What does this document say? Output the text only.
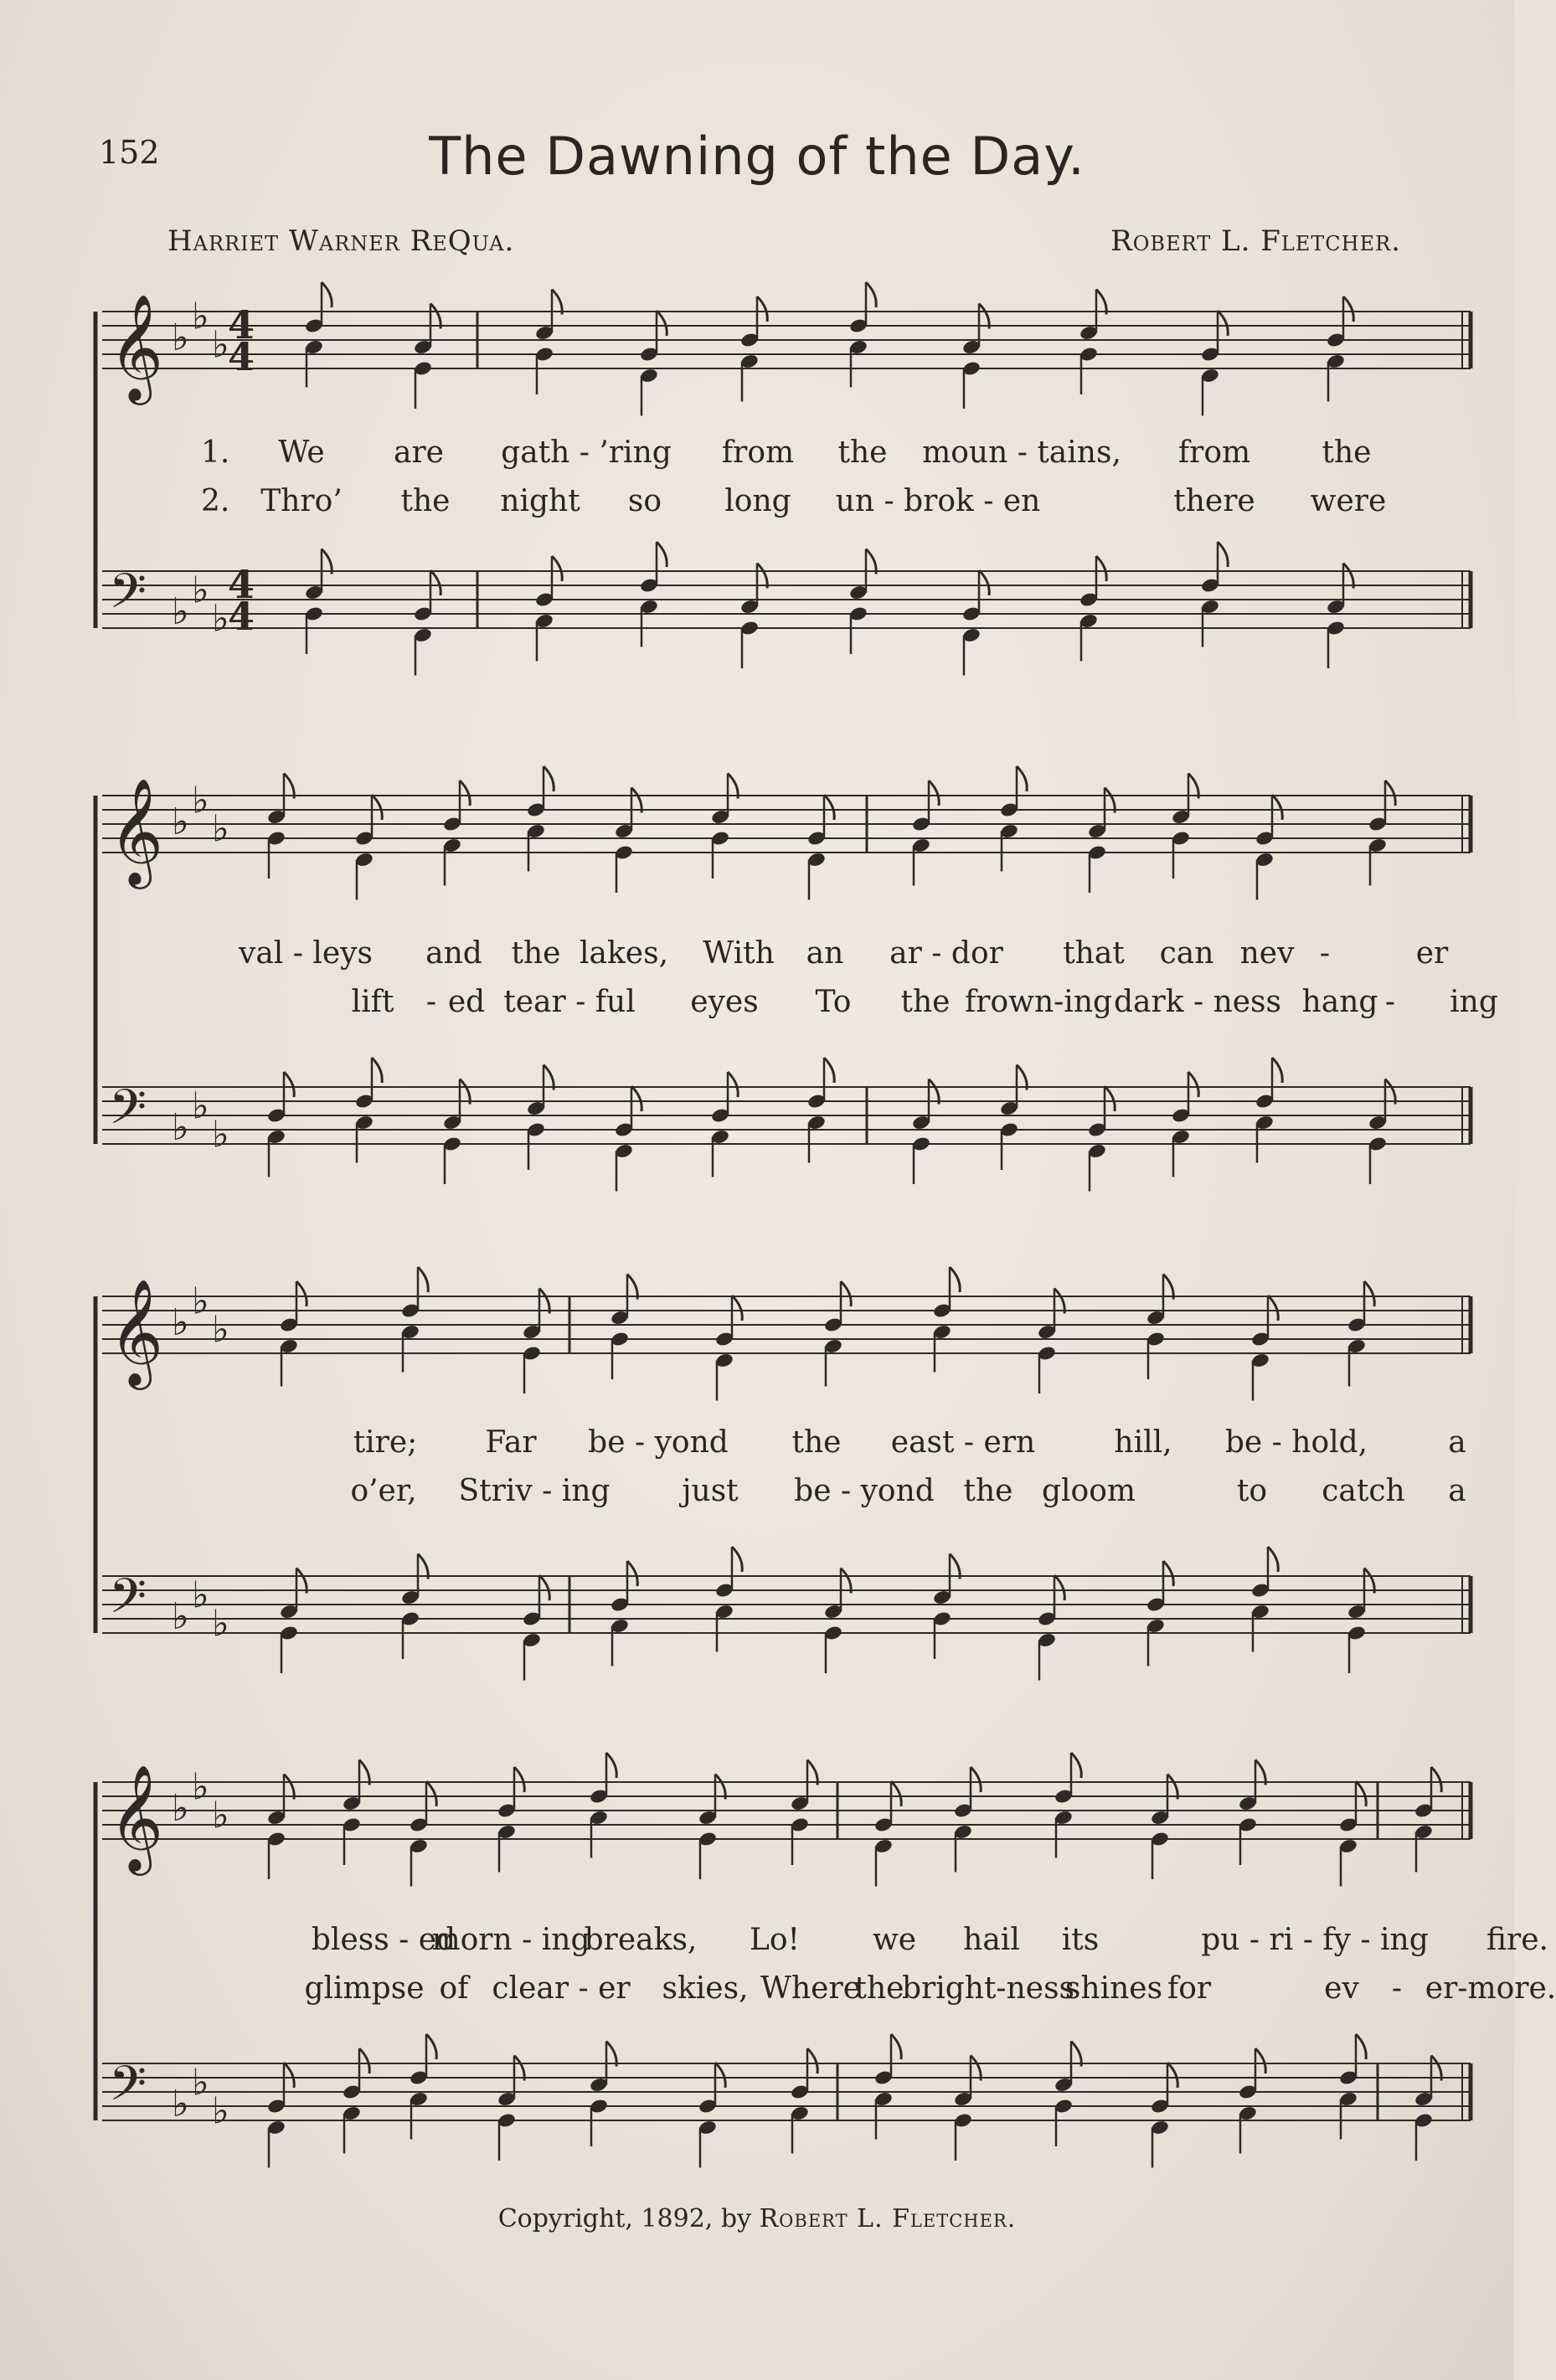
152	The Dawning of the Day.
Harriet Warner ReQua.	Robert L. Fletcher.
𝄞 ♭ ♭
♭
4
4
𝄢 ♭ ♭
♭
4
4
𝄞 ♭ ♭
♭
𝄢 ♭ ♭
♭
𝄞 ♭ ♭
♭
𝄢 ♭ ♭
♭
𝄞 ♭ ♭
♭
𝄢 ♭ ♭
♭
1. We are gath - ’ring from the moun - tains, from the
2. Thro’ the night so long un - brok - en	there were
val - leys and the lakes, With an ar - dor that can nev -	er
lift - ed tear - ful eyes To the frown-ing dark - ness hang - ing
tire; Far be - yond the east - ern	hill, be - hold,	a
o’er, Striv - ing just be - yond the gloom	to catch a
bless - ed
morn - ing
breaks, Lo! we hail its	pu - ri - fy - ing fire.
glimpse of clear - er skies, Where
the
bright-ness
shines for	ev - er-more.
Copyright, 1892, by Robert L. Fletcher.
